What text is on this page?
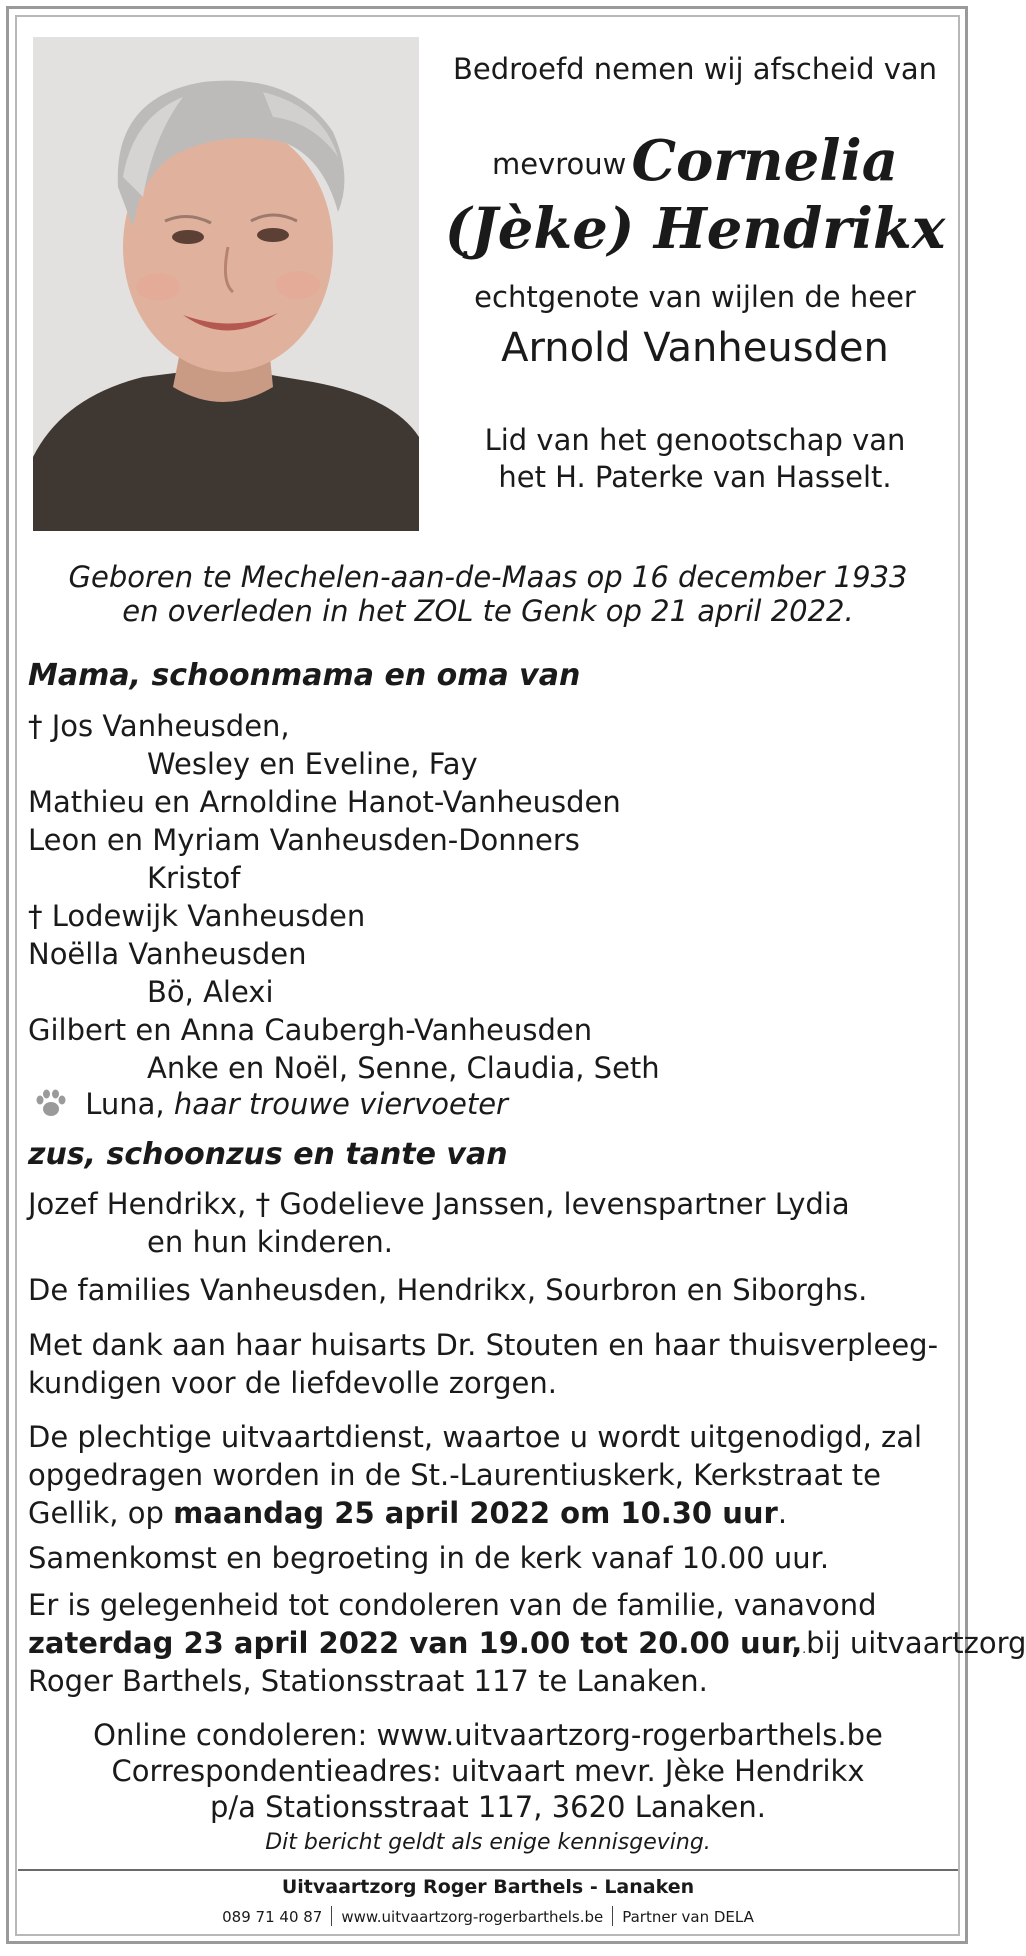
Bedroefd nemen wij afscheid van
mevrouw Cornelia
(Jèke) Hendrikx
echtgenote van wijlen de heer
Arnold Vanheusden
Lid van het genootschap van
het H. Paterke van Hasselt.
Geboren te Mechelen-aan-de-Maas op 16 december 1933
en overleden in het ZOL te Genk op 21 april 2022.
Mama, schoonmama en oma van
† Jos Vanheusden,
Wesley en Eveline, Fay
Mathieu en Arnoldine Hanot-Vanheusden
Leon en Myriam Vanheusden-Donners
Kristof
† Lodewijk Vanheusden
Noëlla Vanheusden
Bö, Alexi
Gilbert en Anna Caubergh-Vanheusden
Anke en Noël, Senne, Claudia, Seth
Luna, haar trouwe viervoeter
zus, schoonzus en tante van
Jozef Hendrikx, † Godelieve Janssen, levenspartner Lydia
en hun kinderen.
De families Vanheusden, Hendrikx, Sourbron en Siborghs.
Met dank aan haar huisarts Dr. Stouten en haar thuisverpleeg-
kundigen voor de liefdevolle zorgen.
De plechtige uitvaartdienst, waartoe u wordt uitgenodigd, zal
opgedragen worden in de St.-Laurentiuskerk, Kerkstraat te
Gellik, op maandag 25 april 2022 om 10.30 uur.
Samenkomst en begroeting in de kerk vanaf 10.00 uur.
Er is gelegenheid tot condoleren van de familie, vanavond
zaterdag 23 april 2022 van 19.00 tot 20.00 uur, .bij uitvaartzorg
Roger Barthels, Stationsstraat 117 te Lanaken.
Online condoleren: www.uitvaartzorg-rogerbarthels.be
Correspondentieadres: uitvaart mevr. Jèke Hendrikx
p/a Stationsstraat 117, 3620 Lanaken.
Dit bericht geldt als enige kennisgeving.
Uitvaartzorg Roger Barthels - Lanaken
089 71 40 87 www.uitvaartzorg-rogerbarthels.be Partner van DELA
